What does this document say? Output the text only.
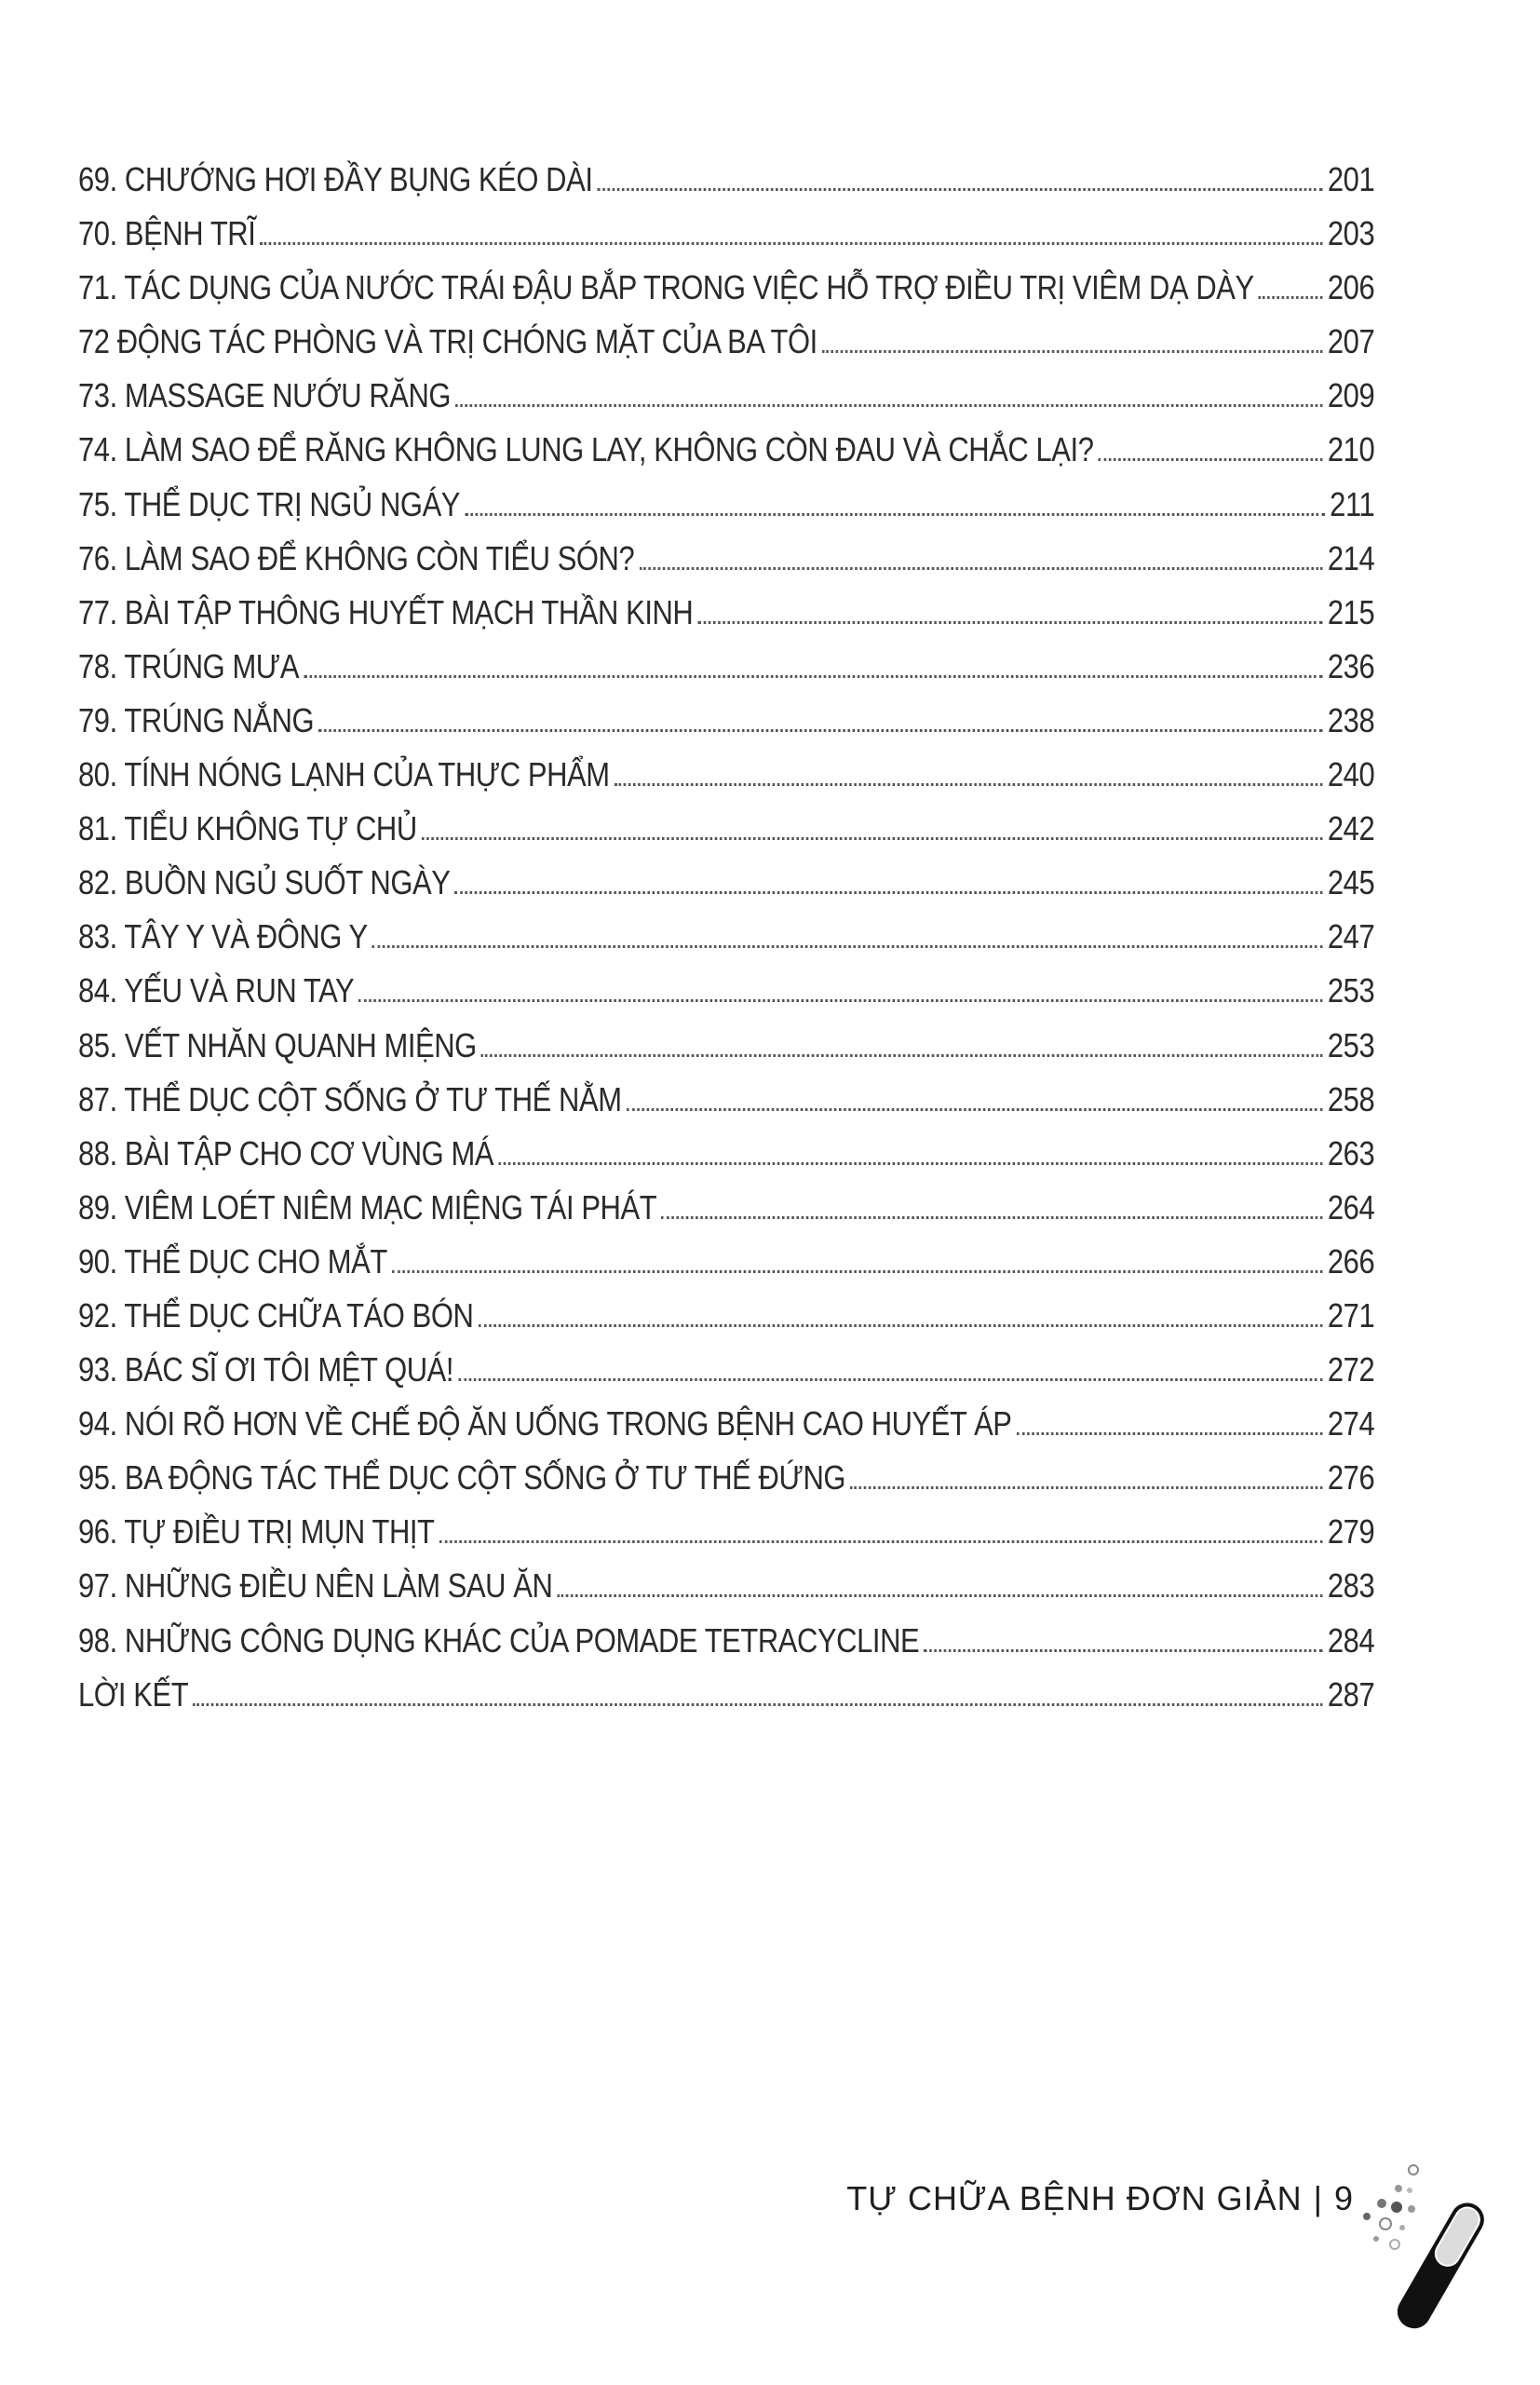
69. CHƯỚNG HƠI ĐẦY BỤNG KÉO DÀI	201
70. BỆNH TRĨ	203
71. TÁC DỤNG CỦA NƯỚC TRÁI ĐẬU BẮP TRONG VIỆC HỖ TRỢ ĐIỀU TRỊ VIÊM DẠ DÀY 206
72 ĐỘNG TÁC PHÒNG VÀ TRỊ CHÓNG MẶT CỦA BA TÔI	207
73. MASSAGE NƯỚU RĂNG	209
74. LÀM SAO ĐỂ RĂNG KHÔNG LUNG LAY, KHÔNG CÒN ĐAU VÀ CHẮC LẠI?	210
75. THỂ DỤC TRỊ NGỦ NGÁY	211
76. LÀM SAO ĐỂ KHÔNG CÒN TIỂU SÓN?	214
77. BÀI TẬP THÔNG HUYẾT MẠCH THẦN KINH	215
78. TRÚNG MƯA	236
79. TRÚNG NẮNG	238
80. TÍNH NÓNG LẠNH CỦA THỰC PHẨM	240
81. TIỂU KHÔNG TỰ CHỦ	242
82. BUỒN NGỦ SUỐT NGÀY	245
83. TÂY Y VÀ ĐÔNG Y	247
84. YẾU VÀ RUN TAY	253
85. VẾT NHĂN QUANH MIỆNG	253
87. THỂ DỤC CỘT SỐNG Ở TƯ THẾ NẰM	258
88. BÀI TẬP CHO CƠ VÙNG MÁ	263
89. VIÊM LOÉT NIÊM MẠC MIỆNG TÁI PHÁT	264
90. THỂ DỤC CHO MẮT	266
92. THỂ DỤC CHỮA TÁO BÓN	271
93. BÁC SĨ ƠI TÔI MỆT QUÁ!	272
94. NÓI RÕ HƠN VỀ CHẾ ĐỘ ĂN UỐNG TRONG BỆNH CAO HUYẾT ÁP	274
95. BA ĐỘNG TÁC THỂ DỤC CỘT SỐNG Ở TƯ THẾ ĐỨNG	276
96. TỰ ĐIỀU TRỊ MỤN THỊT	279
97. NHỮNG ĐIỀU NÊN LÀM SAU ĂN	283
98. NHỮNG CÔNG DỤNG KHÁC CỦA POMADE TETRACYCLINE	284
LỜI KẾT	287
TỰ CHỮA BỆNH ĐƠN GIẢN | 9
